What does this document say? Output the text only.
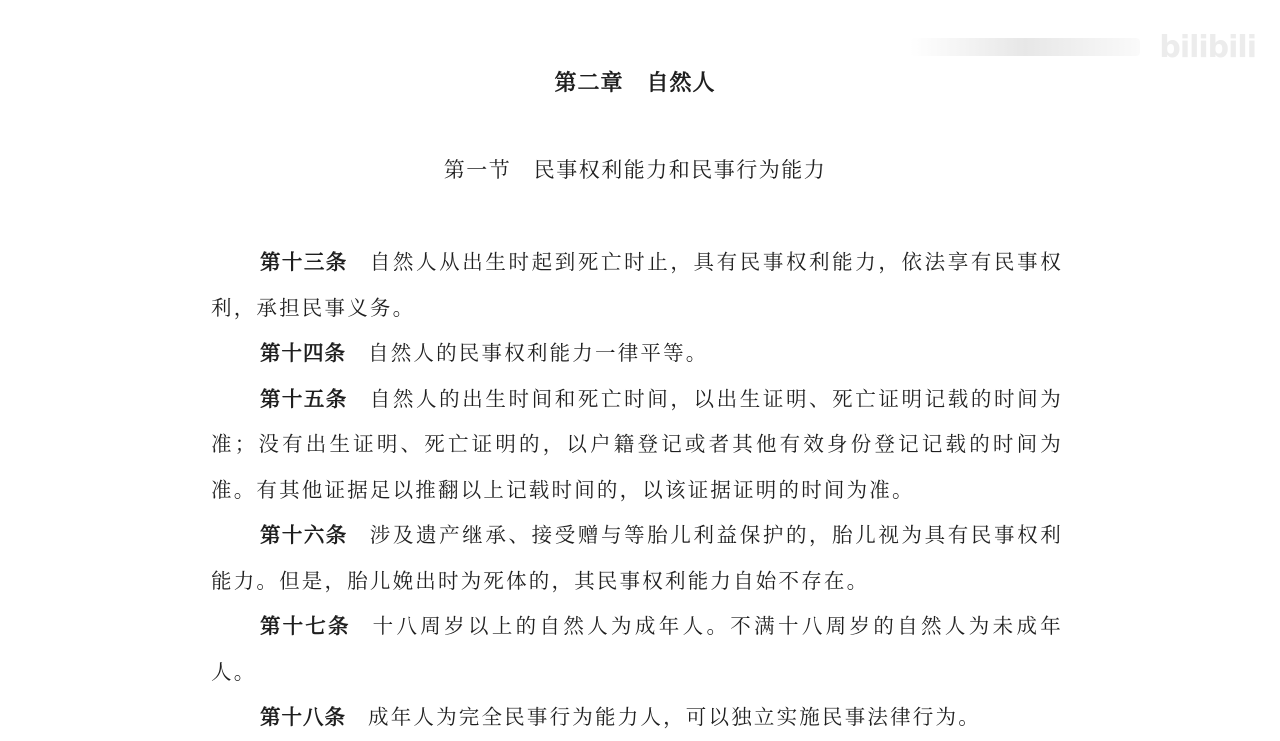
bilibili
第二章　自然人
第一节　民事权利能力和民事行为能力

第十三条 自然人从出生时起到死亡时止，具有民事权利能力，依法享有民事权利，承担民事义务。

第十四条 自然人的民事权利能力一律平等。

第十五条 自然人的出生时间和死亡时间，以出生证明、死亡证明记载的时间为准；没有出生证明、死亡证明的，以户籍登记或者其他有效身份登记记载的时间为准。有其他证据足以推翻以上记载时间的，以该证据证明的时间为准。

第十六条 涉及遗产继承、接受赠与等胎儿利益保护的，胎儿视为具有民事权利能力。但是，胎儿娩出时为死体的，其民事权利能力自始不存在。

第十七条 十八周岁以上的自然人为成年人。不满十八周岁的自然人为未成年人。

第十八条 成年人为完全民事行为能力人，可以独立实施民事法律行为。
